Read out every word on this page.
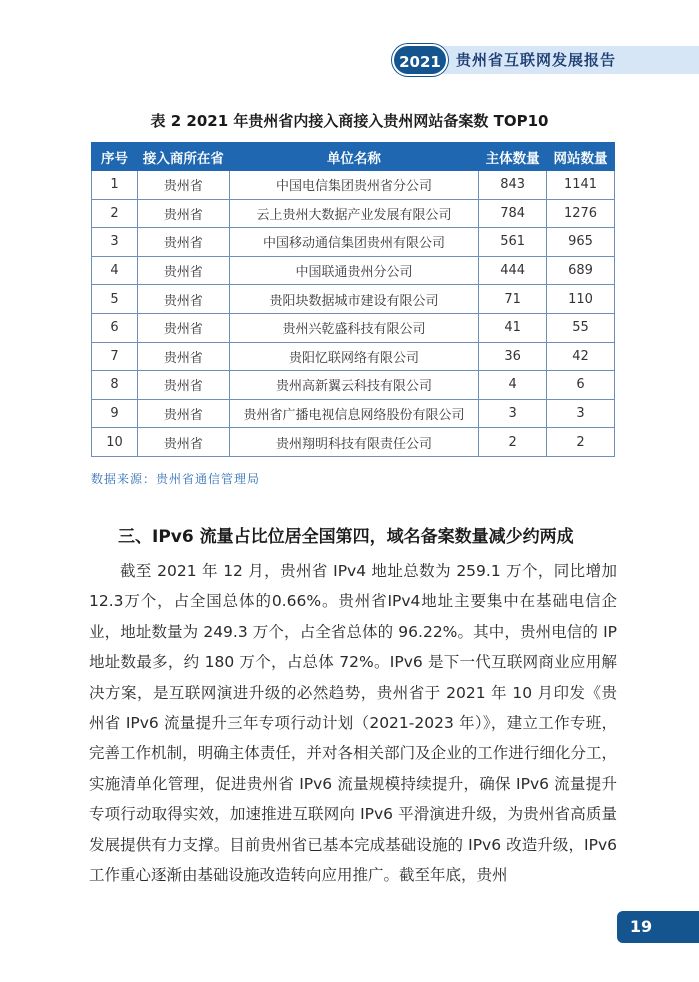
2021年
贵州省互联网发展报告
表 2 2021 年贵州省内接入商接入贵州网站备案数 TOP10
序号	接入商所在省	单位名称	主体数量	网站数量
1	贵州省	中国电信集团贵州省分公司	843	1141
2	贵州省	云上贵州大数据产业发展有限公司	784	1276
3	贵州省	中国移动通信集团贵州有限公司	561	965
4	贵州省	中国联通贵州分公司	444	689
5	贵州省	贵阳块数据城市建设有限公司	71	110
6	贵州省	贵州兴乾盛科技有限公司	41	55
7	贵州省	贵阳忆联网络有限公司	36	42
8	贵州省	贵州高新翼云科技有限公司	4	6
9	贵州省	贵州省广播电视信息网络股份有限公司	3	3
10	贵州省	贵州翔明科技有限责任公司	2	2
数据来源：贵州省通信管理局
三、IPv6 流量占比位居全国第四，域名备案数量减少约两成
截至 2021 年 12 月，贵州省 IPv4 地址总数为 259.1 万个，同比增加 12.3万个，占全国总体的0.66%。贵州省IPv4地址主要集中在基础电信企业，地址数量为 249.3 万个，占全省总体的 96.22%。其中，贵州电信的 IP 地址数最多，约 180 万个，占总体 72%。IPv6 是下一代互联网商业应用解决方案，是互联网演进升级的必然趋势，贵州省于 2021 年 10 月印发《贵州省 IPv6 流量提升三年专项行动计划（2021-2023 年）》，建立工作专班，完善工作机制，明确主体责任，并对各相关部门及企业的工作进行细化分工，实施清单化管理，促进贵州省 IPv6 流量规模持续提升，确保 IPv6 流量提升专项行动取得实效，加速推进互联网向 IPv6 平滑演进升级，为贵州省高质量发展提供有力支撑。目前贵州省已基本完成基础设施的 IPv6 改造升级，IPv6 工作重心逐渐由基础设施改造转向应用推广。截至年底，贵州
19
